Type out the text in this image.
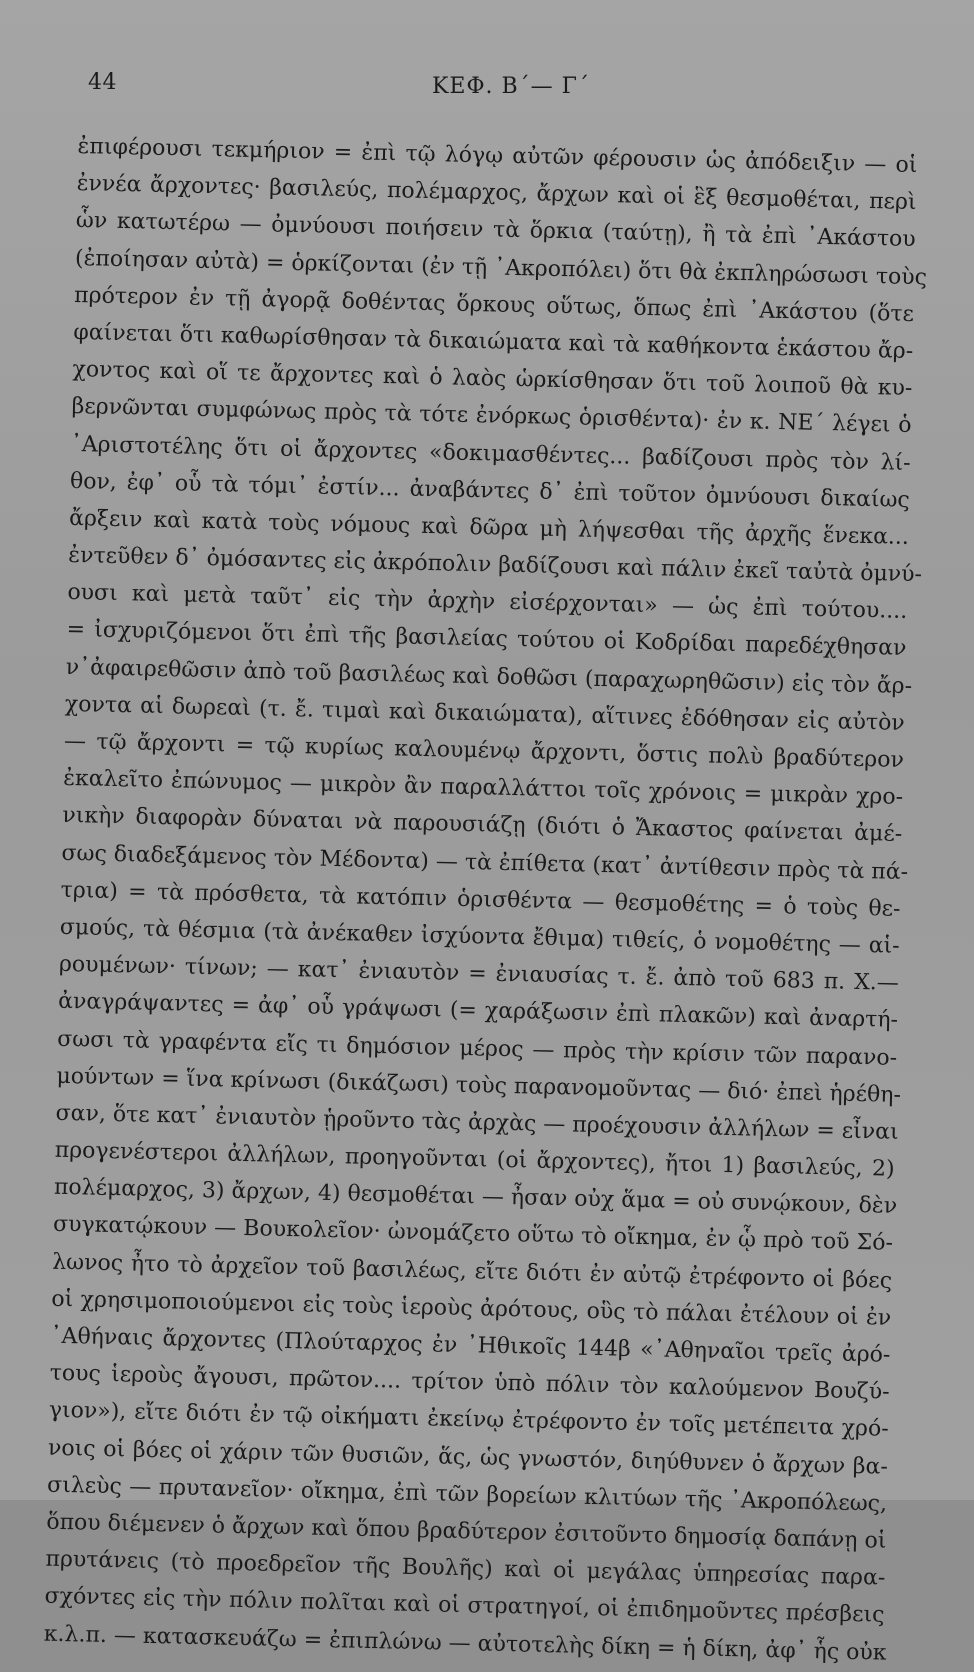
44	ΚΕΦ. Β΄— Γ΄
ἐπιφέρουσι τεκμήριον = ἐπὶ τῷ λόγῳ αὐτῶν φέρουσιν ὡς ἀπόδειξιν — οἱ
ἐννέα ἄρχοντες· βασιλεύς, πολέμαρχος, ἄρχων καὶ οἱ ἓξ θεσμοθέται, περὶ
ὧν κατωτέρω — ὀμνύουσι ποιήσειν τὰ ὅρκια (ταύτῃ), ἢ τὰ ἐπὶ ᾿Ακάστου
(ἐποίησαν αὐτὰ) = ὁρκίζονται (ἐν τῇ ᾿Ακροπόλει) ὅτι θὰ ἐκπληρώσωσι τοὺς
πρότερον ἐν τῇ ἀγορᾷ δοθέντας ὅρκους οὕτως, ὅπως ἐπὶ ᾿Ακάστου (ὅτε
φαίνεται ὅτι καθωρίσθησαν τὰ δικαιώματα καὶ τὰ καθήκοντα ἑκάστου ἄρ-
χοντος καὶ οἵ τε ἄρχοντες καὶ ὁ λαὸς ὡρκίσθησαν ὅτι τοῦ λοιποῦ θὰ κυ-
βερνῶνται συμφώνως πρὸς τὰ τότε ἐνόρκως ὁρισθέντα)· ἐν κ. ΝΕ΄ λέγει ὁ
᾿Αριστοτέλης ὅτι οἱ ἄρχοντες «δοκιμασθέντες... βαδίζουσι πρὸς τὸν λί-
θον, ἐφ᾿ οὗ τὰ τόμι᾿ ἐστίν... ἀναβάντες δ᾿ ἐπὶ τοῦτον ὀμνύουσι δικαίως
ἄρξειν καὶ κατὰ τοὺς νόμους καὶ δῶρα μὴ λήψεσθαι τῆς ἀρχῆς ἕνεκα...
ἐντεῦθεν δ᾿ ὀμόσαντες εἰς ἀκρόπολιν βαδίζουσι καὶ πάλιν ἐκεῖ ταὐτὰ ὀμνύ-
ουσι καὶ μετὰ ταῦτ᾿ εἰς τὴν ἀρχὴν εἰσέρχονται» — ὡς ἐπὶ τούτου....
= ἰσχυριζόμενοι ὅτι ἐπὶ τῆς βασιλείας τούτου οἱ Κοδρίδαι παρεδέχθησαν
ν᾿ἀφαιρεθῶσιν ἀπὸ τοῦ βασιλέως καὶ δοθῶσι (παραχωρηθῶσιν) εἰς τὸν ἄρ-
χοντα αἱ δωρεαὶ (τ. ἔ. τιμαὶ καὶ δικαιώματα), αἵτινες ἐδόθησαν εἰς αὐτὸν
— τῷ ἄρχοντι = τῷ κυρίως καλουμένῳ ἄρχοντι, ὅστις πολὺ βραδύτερον
ἐκαλεῖτο ἐπώνυμος — μικρὸν ἂν παραλλάττοι τοῖς χρόνοις = μικρὰν χρο-
νικὴν διαφορὰν δύναται νὰ παρουσιάζῃ (διότι ὁ Ἄκαστος φαίνεται ἀμέ-
σως διαδεξάμενος τὸν Μέδοντα) — τὰ ἐπίθετα (κατ᾿ ἀντίθεσιν πρὸς τὰ πά-
τρια) = τὰ πρόσθετα, τὰ κατόπιν ὁρισθέντα — θεσμοθέτης = ὁ τοὺς θε-
σμούς, τὰ θέσμια (τὰ ἀνέκαθεν ἰσχύοντα ἔθιμα) τιθείς, ὁ νομοθέτης — αἱ-
ρουμένων· τίνων; — κατ᾿ ἐνιαυτὸν = ἐνιαυσίας τ. ἔ. ἀπὸ τοῦ 683 π. Χ.—
ἀναγράψαντες = ἀφ᾿ οὗ γράψωσι (= χαράξωσιν ἐπὶ πλακῶν) καὶ ἀναρτή-
σωσι τὰ γραφέντα εἴς τι δημόσιον μέρος — πρὸς τὴν κρίσιν τῶν παρανο-
μούντων = ἵνα κρίνωσι (δικάζωσι) τοὺς παρανομοῦντας — διό· ἐπεὶ ἡρέθη-
σαν, ὅτε κατ᾿ ἐνιαυτὸν ᾑροῦντο τὰς ἀρχὰς — προέχουσιν ἀλλήλων = εἶναι
προγενέστεροι ἀλλήλων, προηγοῦνται (οἱ ἄρχοντες), ἤτοι 1) βασιλεύς, 2)
πολέμαρχος, 3) ἄρχων, 4) θεσμοθέται — ἦσαν οὐχ ἅμα = οὐ συνῴκουν, δὲν
συγκατῴκουν — Βουκολεῖον· ὠνομάζετο οὕτω τὸ οἴκημα, ἐν ᾧ πρὸ τοῦ Σό-
λωνος ἦτο τὸ ἀρχεῖον τοῦ βασιλέως, εἴτε διότι ἐν αὐτῷ ἐτρέφοντο οἱ βόες
οἱ χρησιμοποιούμενοι εἰς τοὺς ἱεροὺς ἀρότους, οὓς τὸ πάλαι ἐτέλουν οἱ ἐν
᾿Αθήναις ἄρχοντες (Πλούταρχος ἐν ᾿Ηθικοῖς 144β «᾿Αθηναῖοι τρεῖς ἀρό-
τους ἱεροὺς ἄγουσι, πρῶτον.... τρίτον ὑπὸ πόλιν τὸν καλούμενον Βουζύ-
γιον»), εἴτε διότι ἐν τῷ οἰκήματι ἐκείνῳ ἐτρέφοντο ἐν τοῖς μετέπειτα χρό-
νοις οἱ βόες οἱ χάριν τῶν θυσιῶν, ἅς, ὡς γνωστόν, διηύθυνεν ὁ ἄρχων βα-
σιλεὺς — πρυτανεῖον· οἴκημα, ἐπὶ τῶν βορείων κλιτύων τῆς ᾿Ακροπόλεως,
ὅπου διέμενεν ὁ ἄρχων καὶ ὅπου βραδύτερον ἐσιτοῦντο δημοσίᾳ δαπάνῃ οἱ
πρυτάνεις (τὸ προεδρεῖον τῆς Βουλῆς) καὶ οἱ μεγάλας ὑπηρεσίας παρα-
σχόντες εἰς τὴν πόλιν πολῖται καὶ οἱ στρατηγοί, οἱ ἐπιδημοῦντες πρέσβεις
κ.λ.π. — κατασκευάζω = ἐπιπλώνω — αὐτοτελὴς δίκη = ἡ δίκη, ἀφ᾿ ἧς οὐκ
